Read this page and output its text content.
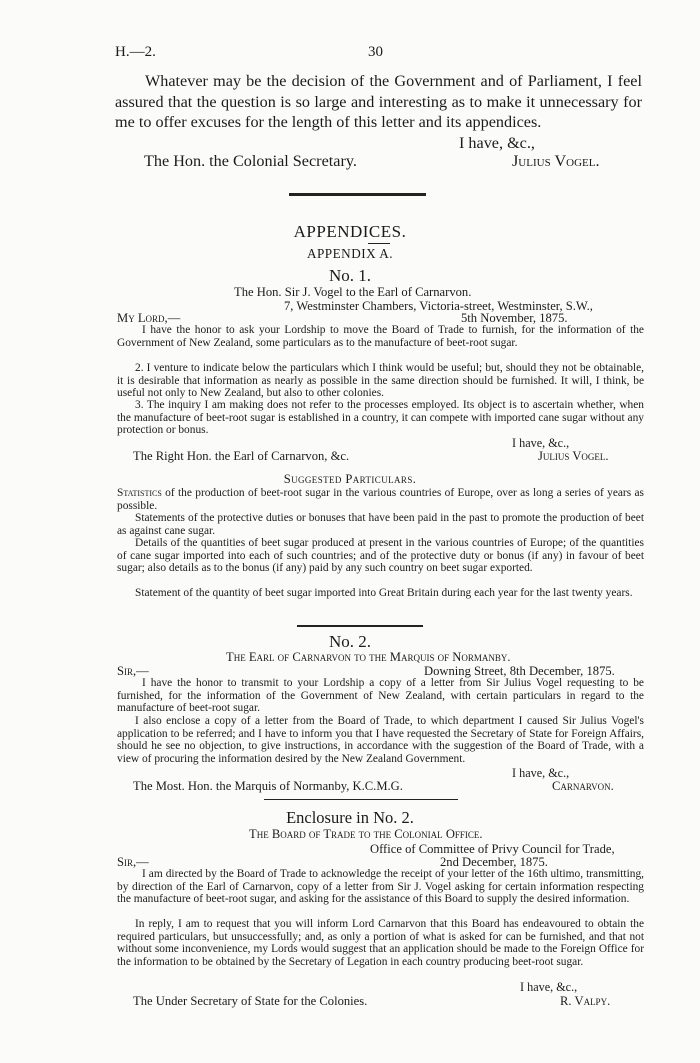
H.—2.	30
Whatever may be the decision of the Government and of Parliament, I feel assured that the question is so large and interesting as to make it unnecessary for me to offer excuses for the length of this letter and its appendices.
I have, &c.,
The Hon. the Colonial Secretary.	Julius Vogel.
APPENDICES.
APPENDIX A.
No. 1.
The Hon. Sir J. Vogel to the Earl of Carnarvon.
7, Westminster Chambers, Victoria-street, Westminster, S.W.,
My Lord,—	5th November, 1875.
I have the honor to ask your Lordship to move the Board of Trade to furnish, for the information of the Government of New Zealand, some particulars as to the manufacture of beet-root sugar.
2. I venture to indicate below the particulars which I think would be useful; but, should they not be obtainable, it is desirable that information as nearly as possible in the same direction should be furnished. It will, I think, be useful not only to New Zealand, but also to other colonies.
3. The inquiry I am making does not refer to the processes employed. Its object is to ascertain whether, when the manufacture of beet-root sugar is established in a country, it can compete with imported cane sugar without any protection or bonus.
I have, &c.,
The Right Hon. the Earl of Carnarvon, &c.	Julius Vogel.
Suggested Particulars.
Statistics of the production of beet-root sugar in the various countries of Europe, over as long a series of years as possible.
Statements of the protective duties or bonuses that have been paid in the past to promote the production of beet as against cane sugar.
Details of the quantities of beet sugar produced at present in the various countries of Europe; of the quantities of cane sugar imported into each of such countries; and of the protective duty or bonus (if any) in favour of beet sugar; also details as to the bonus (if any) paid by any such country on beet sugar exported.
Statement of the quantity of beet sugar imported into Great Britain during each year for the last twenty years.
No. 2.
The Earl of Carnarvon to the Marquis of Normanby.
Sir,—	Downing Street, 8th December, 1875.
I have the honor to transmit to your Lordship a copy of a letter from Sir Julius Vogel requesting to be furnished, for the information of the Government of New Zealand, with certain particulars in regard to the manufacture of beet-root sugar.
I also enclose a copy of a letter from the Board of Trade, to which department I caused Sir Julius Vogel's application to be referred; and I have to inform you that I have requested the Secretary of State for Foreign Affairs, should he see no objection, to give instructions, in accordance with the suggestion of the Board of Trade, with a view of procuring the information desired by the New Zealand Government.
I have, &c.,
The Most. Hon. the Marquis of Normanby, K.C.M.G.	Carnarvon.
Enclosure in No. 2.
The Board of Trade to the Colonial Office.
Office of Committee of Privy Council for Trade,
Sir,—	2nd December, 1875.
I am directed by the Board of Trade to acknowledge the receipt of your letter of the 16th ultimo, transmitting, by direction of the Earl of Carnarvon, copy of a letter from Sir J. Vogel asking for certain information respecting the manufacture of beet-root sugar, and asking for the assistance of this Board to supply the desired information.
In reply, I am to request that you will inform Lord Carnarvon that this Board has endeavoured to obtain the required particulars, but unsuccessfully; and, as only a portion of what is asked for can be furnished, and that not without some inconvenience, my Lords would suggest that an application should be made to the Foreign Office for the information to be obtained by the Secretary of Legation in each country producing beet-root sugar.
I have, &c.,
The Under Secretary of State for the Colonies.	R. Valpy.
